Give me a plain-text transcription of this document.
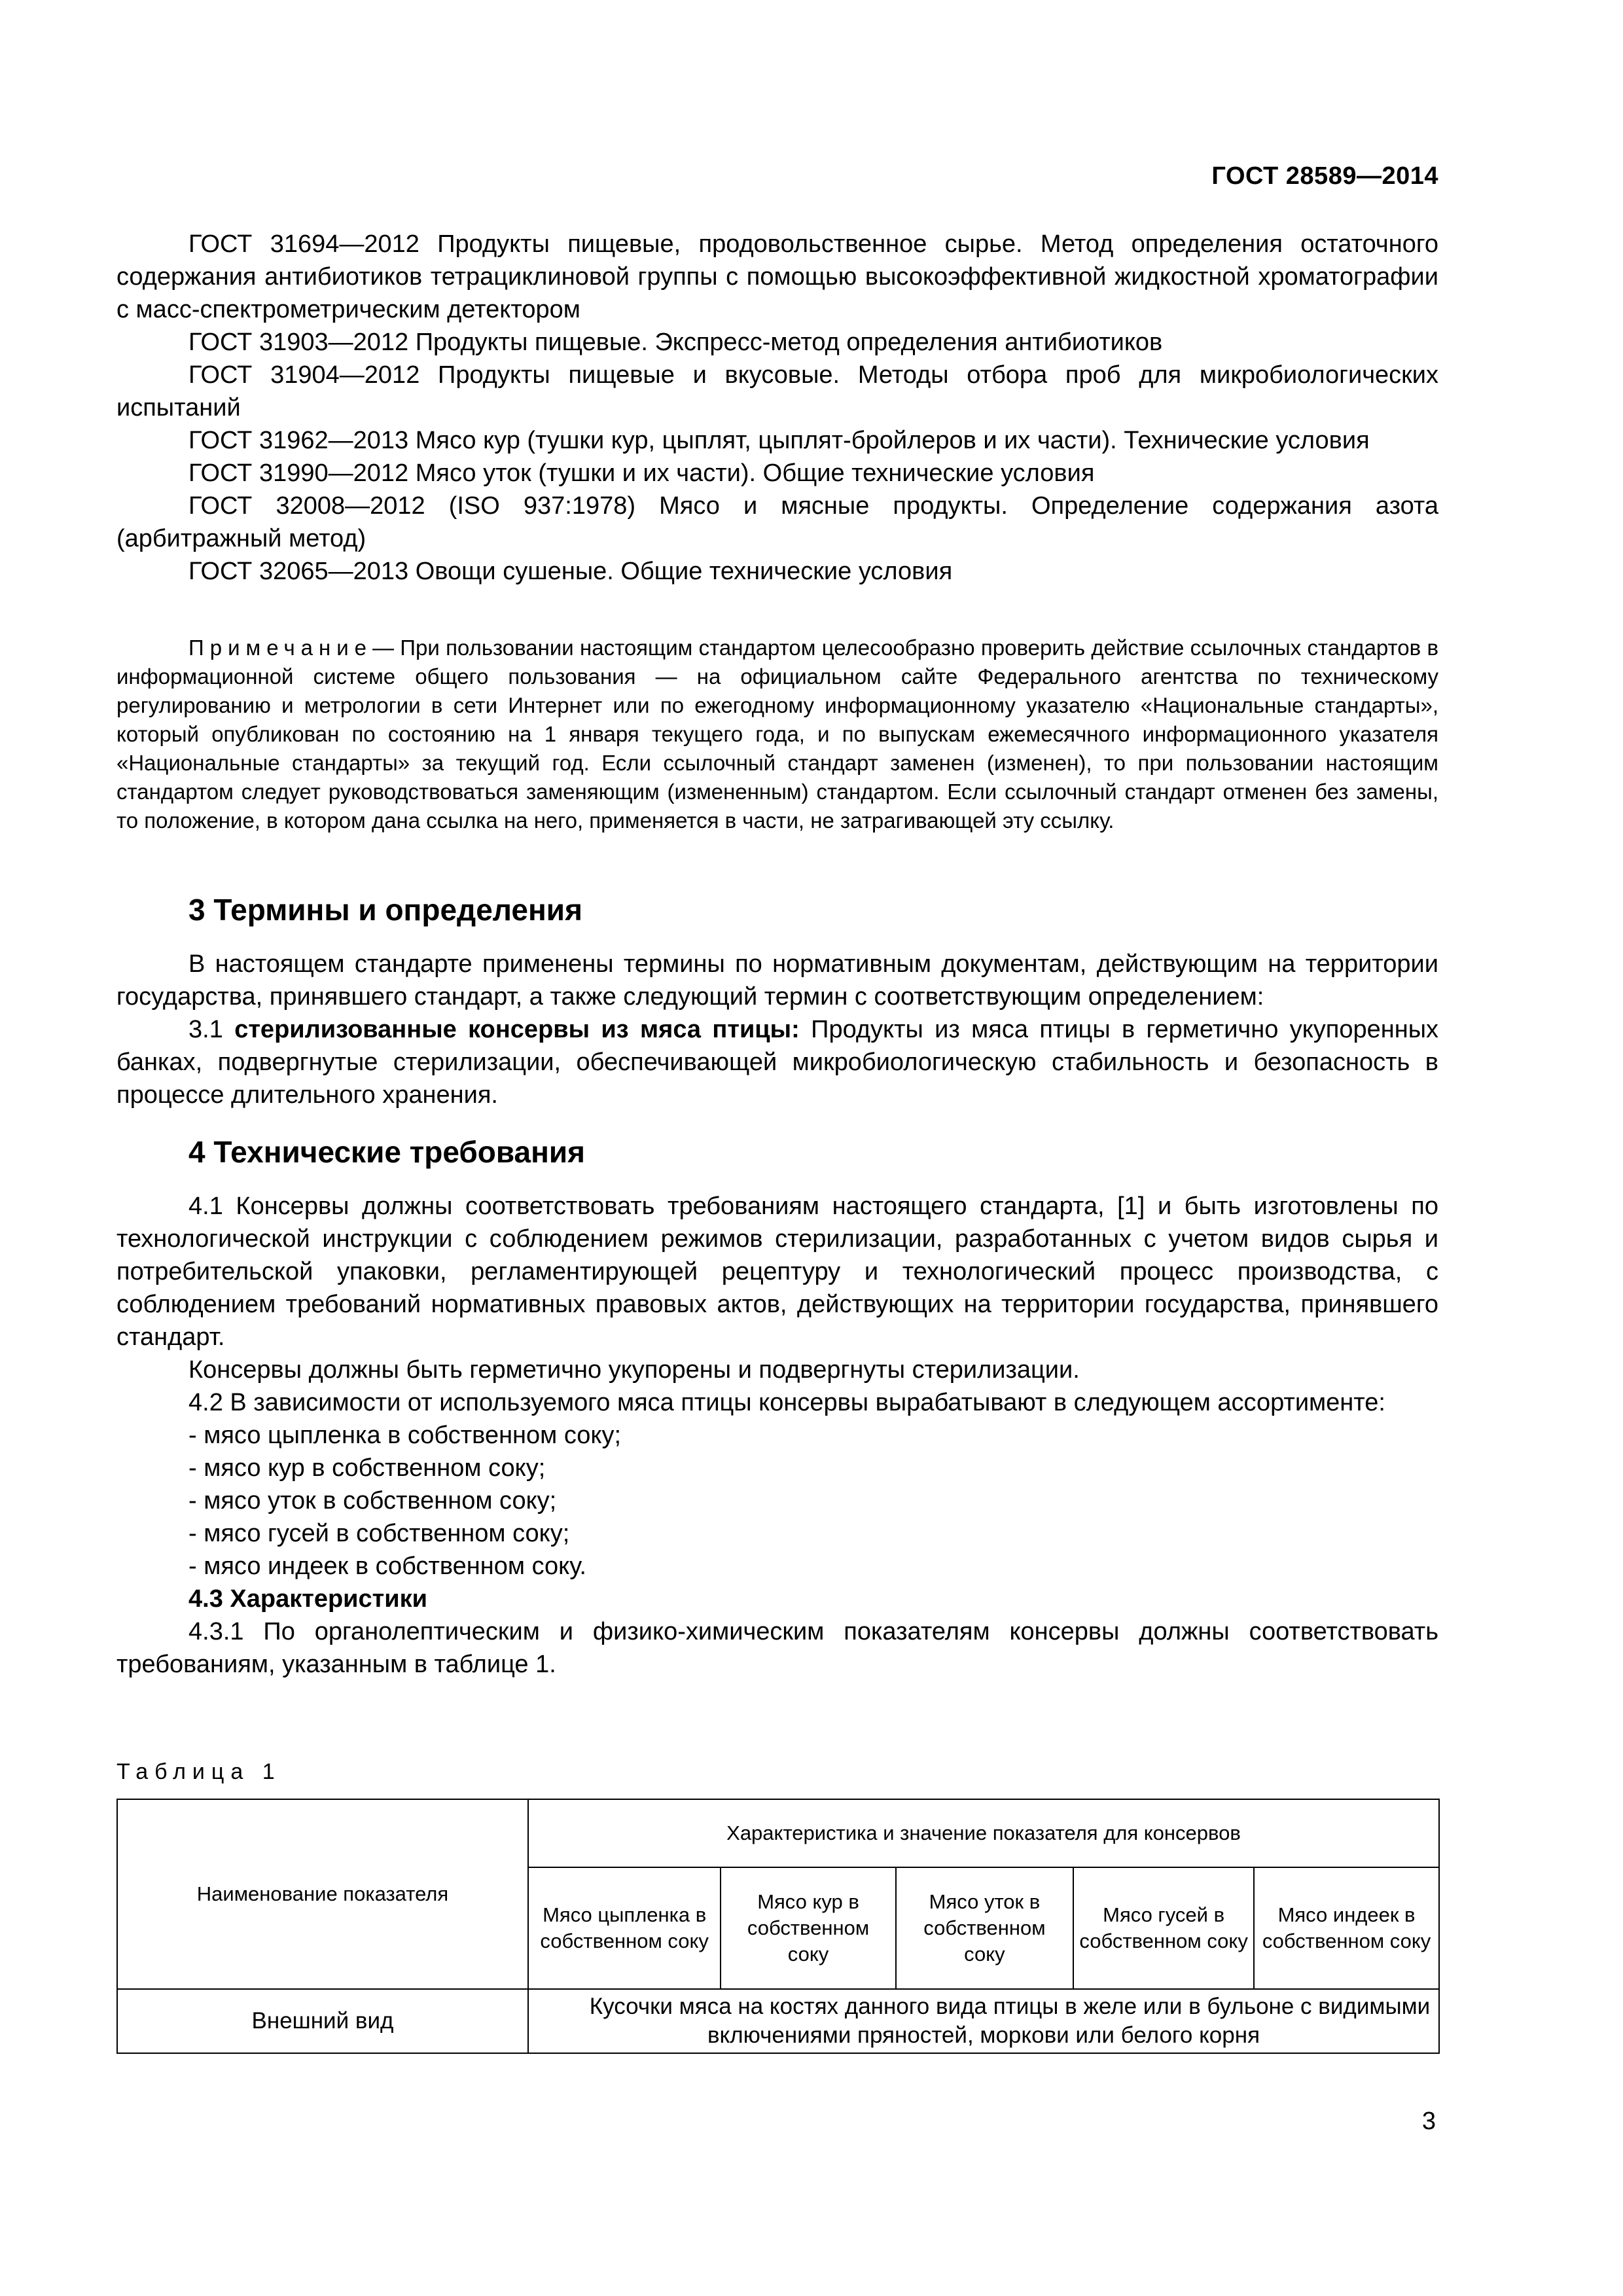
ГОСТ 28589—2014

ГОСТ 31694—2012 Продукты пищевые, продовольственное сырье. Метод определения остаточного содержания антибиотиков тетрациклиновой группы с помощью высокоэффективной жидкостной хроматографии с масс-спектрометрическим детектором

ГОСТ 31903—2012 Продукты пищевые. Экспресс-метод определения антибиотиков

ГОСТ 31904—2012 Продукты пищевые и вкусовые. Методы отбора проб для микробиологических испытаний

ГОСТ 31962—2013 Мясо кур (тушки кур, цыплят, цыплят-бройлеров и их части). Технические условия

ГОСТ 31990—2012 Мясо уток (тушки и их части). Общие технические условия

ГОСТ 32008—2012 (ISO 937:1978) Мясо и мясные продукты. Определение содержания азота (арбитражный метод)

ГОСТ 32065—2013 Овощи сушеные. Общие технические условия

Примечание— При пользовании настоящим стандартом целесообразно проверить действие ссылочных стандартов в информационной системе общего пользования — на официальном сайте Федерального агентства по техническому регулированию и метрологии в сети Интернет или по ежегодному информационному указателю «Национальные стандарты», который опубликован по состоянию на 1 января текущего года, и по выпускам ежемесячного информационного указателя «Национальные стандарты» за текущий год. Если ссылочный стандарт заменен (изменен), то при пользовании настоящим стандартом следует руководствоваться заменяющим (измененным) стандартом. Если ссылочный стандарт отменен без замены, то положение, в котором дана ссылка на него, применяется в части, не затрагивающей эту ссылку.
3 Термины и определения

В настоящем стандарте применены термины по нормативным документам, действующим на территории государства, принявшего стандарт, а также следующий термин с соответствующим определением:

3.1 стерилизованные консервы из мяса птицы: Продукты из мяса птицы в герметично укупоренных банках, подвергнутые стерилизации, обеспечивающей микробиологическую стабильность и безопасность в процессе длительного хранения.

4 Технические требования

4.1 Консервы должны соответствовать требованиям настоящего стандарта, [1] и быть изготовлены по технологической инструкции с соблюдением режимов стерилизации, разработанных с учетом видов сырья и потребительской упаковки, регламентирующей рецептуру и технологический процесс производства, с соблюдением требований нормативных правовых актов, действующих на территории государства, принявшего стандарт.

Консервы должны быть герметично укупорены и подвергнуты стерилизации.

4.2 В зависимости от используемого мяса птицы консервы вырабатывают в следующем ассортименте:

- мясо цыпленка в собственном соку;

- мясо кур в собственном соку;

- мясо уток в собственном соку;

- мясо гусей в собственном соку;

- мясо индеек в собственном соку.

4.3 Характеристики

4.3.1 По органолептическим и физико-химическим показателям консервы должны соответствовать требованиям, указанным в таблице 1.

Таблица 1
Наименование показателя	Характеристика и значение показателя для консервов				
	Мясо цыпленка в собственном соку	Мясо кур в собственном соку	Мясо уток в собственном соку	Мясо гусей в собственном соку	Мясо индеек в собственном соку
Внешний вид	Кусочки мяса на костях данного вида птицы в желе или в бульоне с видимыми включениями пряностей, моркови или белого корня				
3
